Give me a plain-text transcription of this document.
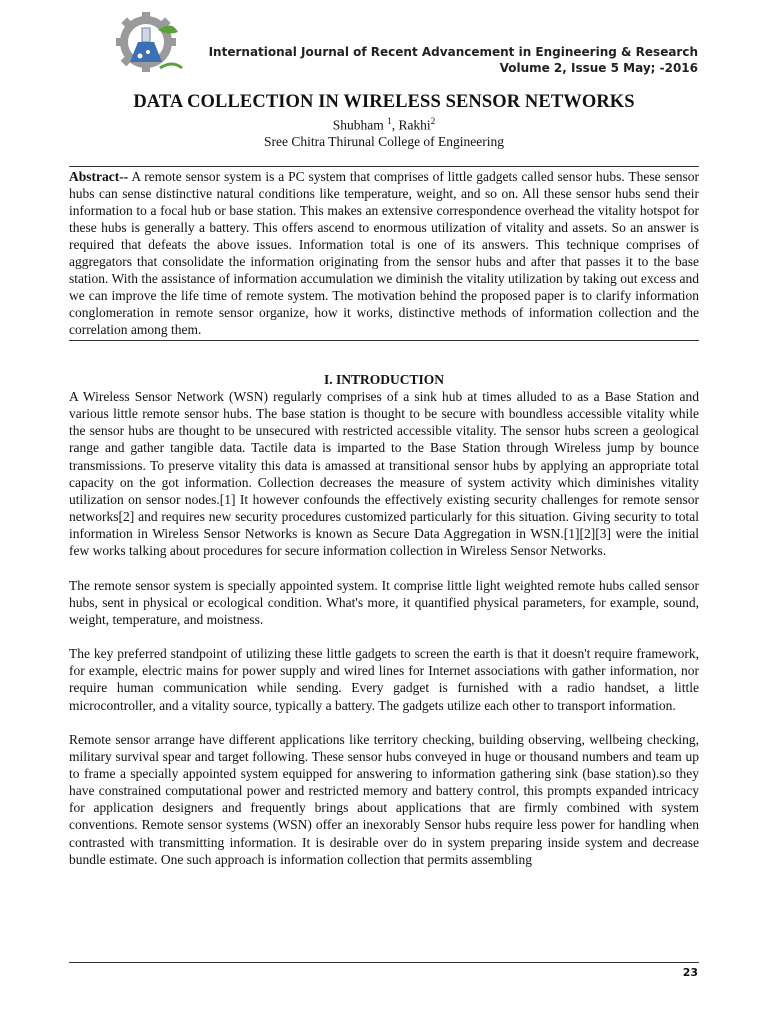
International Journal of Recent Advancement in Engineering & Research
Volume 2, Issue 5 May; -2016
DATA COLLECTION IN WIRELESS SENSOR NETWORKS
Shubham $^1$, Rakhi$^2$
Sree Chitra Thirunal College of Engineering
Abstract-- A remote sensor system is a PC system that comprises of little gadgets called sensor hubs. These sensor hubs can sense distinctive natural conditions like temperature, weight, and so on. All these sensor hubs send their information to a focal hub or base station. This makes an extensive correspondence overhead the vitality hotspot for these hubs is generally a battery. This offers ascend to enormous utilization of vitality and assets. So an answer is required that defeats the above issues. Information total is one of its answers. This technique comprises of aggregators that consolidate the information originating from the sensor hubs and after that passes it to the base station. With the assistance of information accumulation we diminish the vitality utilization by taking out excess and we can improve the life time of remote system. The motivation behind the proposed paper is to clarify information conglomeration in remote sensor organize, how it works, distinctive methods of information collection and the correlation among them.
I. INTRODUCTION

A Wireless Sensor Network (WSN) regularly comprises of a sink hub at times alluded to as a Base Station and various little remote sensor hubs. The base station is thought to be secure with boundless accessible vitality while the sensor hubs are thought to be unsecured with restricted accessible vitality. The sensor hubs screen a geological range and gather tangible data. Tactile data is imparted to the Base Station through Wireless jump by bounce transmissions. To preserve vitality this data is amassed at transitional sensor hubs by applying an appropriate total capacity on the got information. Collection decreases the measure of system activity which diminishes vitality utilization on sensor nodes.[1] It however confounds the effectively existing security challenges for remote sensor networks[2] and requires new security procedures customized particularly for this situation. Giving security to total information in Wireless Sensor Networks is known as Secure Data Aggregation in WSN.[1][2][3] were the initial few works talking about procedures for secure information collection in Wireless Sensor Networks.

The remote sensor system is specially appointed system. It comprise little light weighted remote hubs called sensor hubs, sent in physical or ecological condition. What's more, it quantified physical parameters, for example, sound, weight, temperature, and moistness.

The key preferred standpoint of utilizing these little gadgets to screen the earth is that it doesn't require framework, for example, electric mains for power supply and wired lines for Internet associations with gather information, nor require human communication while sending. Every gadget is furnished with a radio handset, a little microcontroller, and a vitality source, typically a battery. The gadgets utilize each other to transport information.

Remote sensor arrange have different applications like territory checking, building observing, wellbeing checking, military survival spear and target following. These sensor hubs conveyed in huge or thousand numbers and team up to frame a specially appointed system equipped for answering to information gathering sink (base station).so they have constrained computational power and restricted memory and battery control, this prompts expanded intricacy for application designers and frequently brings about applications that are firmly combined with system conventions. Remote sensor systems (WSN) offer an inexorably Sensor hubs require less power for handling when contrasted with transmitting information. It is desirable over do in system preparing inside system and decrease bundle estimate. One such approach is information collection that permits assembling

23
